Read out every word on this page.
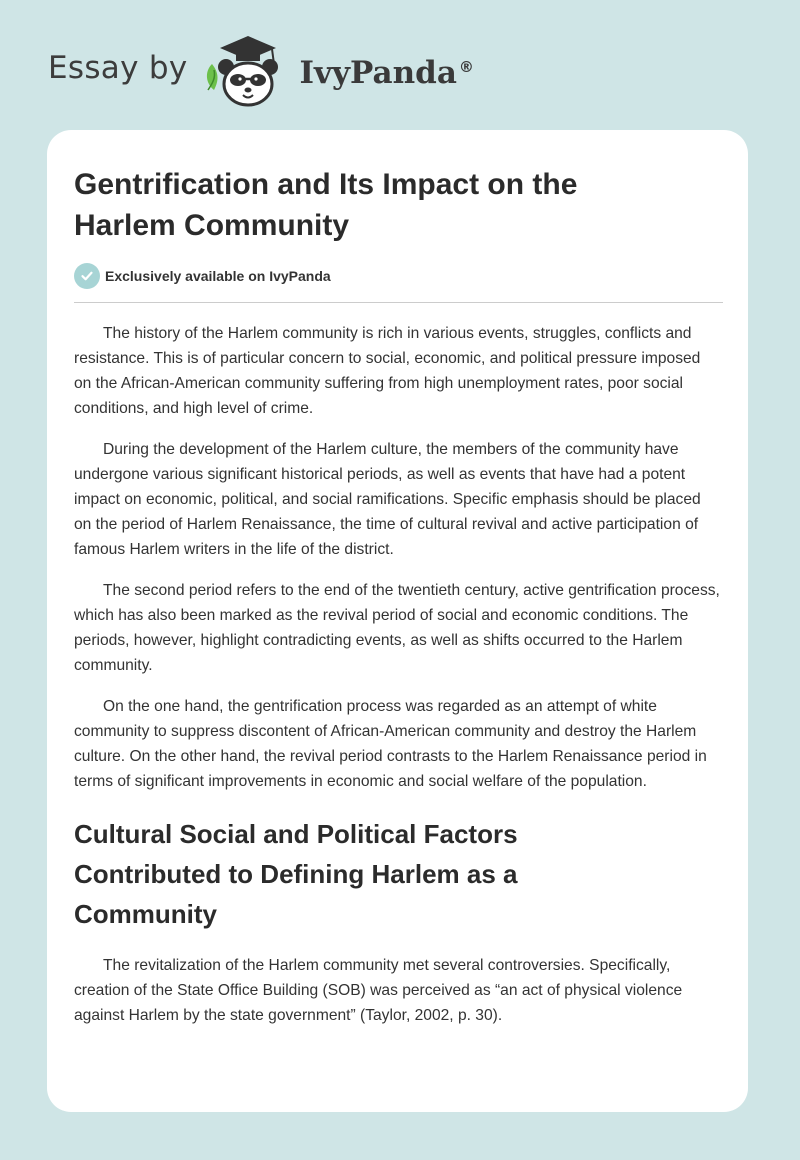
Essay by	IvyPanda ®
Gentrification and Its Impact on the Harlem Community
Exclusively available on IvyPanda

The history of the Harlem community is rich in various events, struggles, conflicts and resistance. This is of particular concern to social, economic, and political pressure imposed on the African-American community suffering from high unemployment rates, poor social conditions, and high level of crime.

During the development of the Harlem culture, the members of the community have undergone various significant historical periods, as well as events that have had a potent impact on economic, political, and social ramifications. Specific emphasis should be placed on the period of Harlem Renaissance, the time of cultural revival and active participation of famous Harlem writers in the life of the district.

The second period refers to the end of the twentieth century, active gentrification process, which has also been marked as the revival period of social and economic conditions. The periods, however, highlight contradicting events, as well as shifts occurred to the Harlem community.

On the one hand, the gentrification process was regarded as an attempt of white community to suppress discontent of African-American community and destroy the Harlem culture. On the other hand, the revival period contrasts to the Harlem Renaissance period in terms of significant improvements in economic and social welfare of the population.

Cultural Social and Political Factors Contributed to Defining Harlem as a Community

The revitalization of the Harlem community met several controversies. Specifically, creation of the State Office Building (SOB) was perceived as “an act of physical violence against Harlem by the state government” (Taylor, 2002, p. 30).
